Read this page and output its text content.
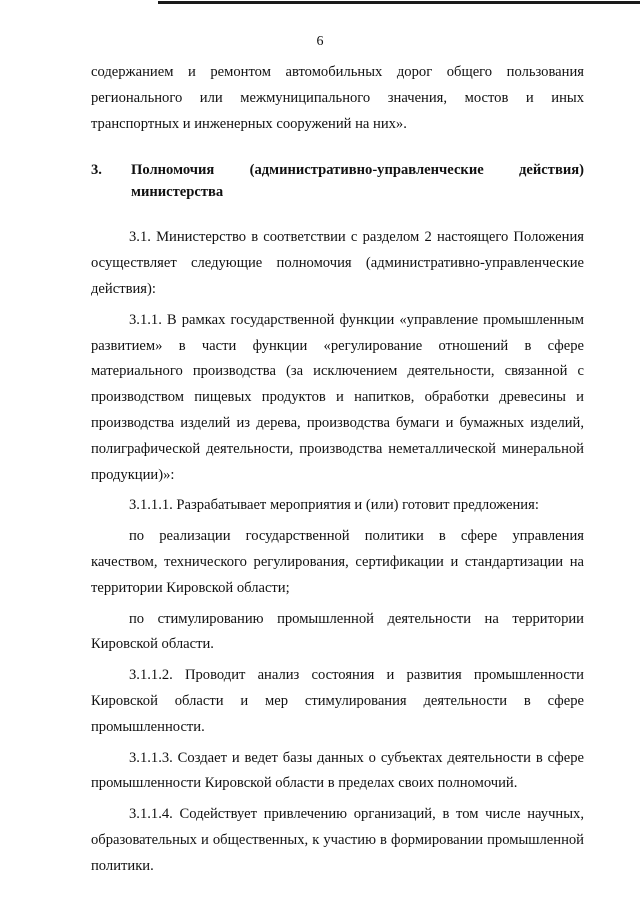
6

содержанием и ремонтом автомобильных дорог общего пользования регионального или межмуниципального значения, мостов и иных транспортных и инженерных сооружений на них».

3.	Полномочия (административно-управленческие действия) министерства

3.1. Министерство в соответствии с разделом 2 настоящего Положения осуществляет следующие полномочия (административно-управленческие действия):

3.1.1. В рамках государственной функции «управление промышленным развитием» в части функции «регулирование отношений в сфере материального производства (за исключением деятельности, связанной с производством пищевых продуктов и напитков, обработки древесины и производства изделий из дерева, производства бумаги и бумажных изделий, полиграфической деятельности, производства неметаллической минеральной продукции)»:

3.1.1.1. Разрабатывает мероприятия и (или) готовит предложения:

по реализации государственной политики в сфере управления качеством, технического регулирования, сертификации и стандартизации на территории Кировской области;

по стимулированию промышленной деятельности на территории Кировской области.

3.1.1.2. Проводит анализ состояния и развития промышленности Кировской области и мер стимулирования деятельности в сфере промышленности.

3.1.1.3. Создает и ведет базы данных о субъектах деятельности в сфере промышленности Кировской области в пределах своих полномочий.

3.1.1.4. Содействует привлечению организаций, в том числе научных, образовательных и общественных, к участию в формировании промышленной политики.
